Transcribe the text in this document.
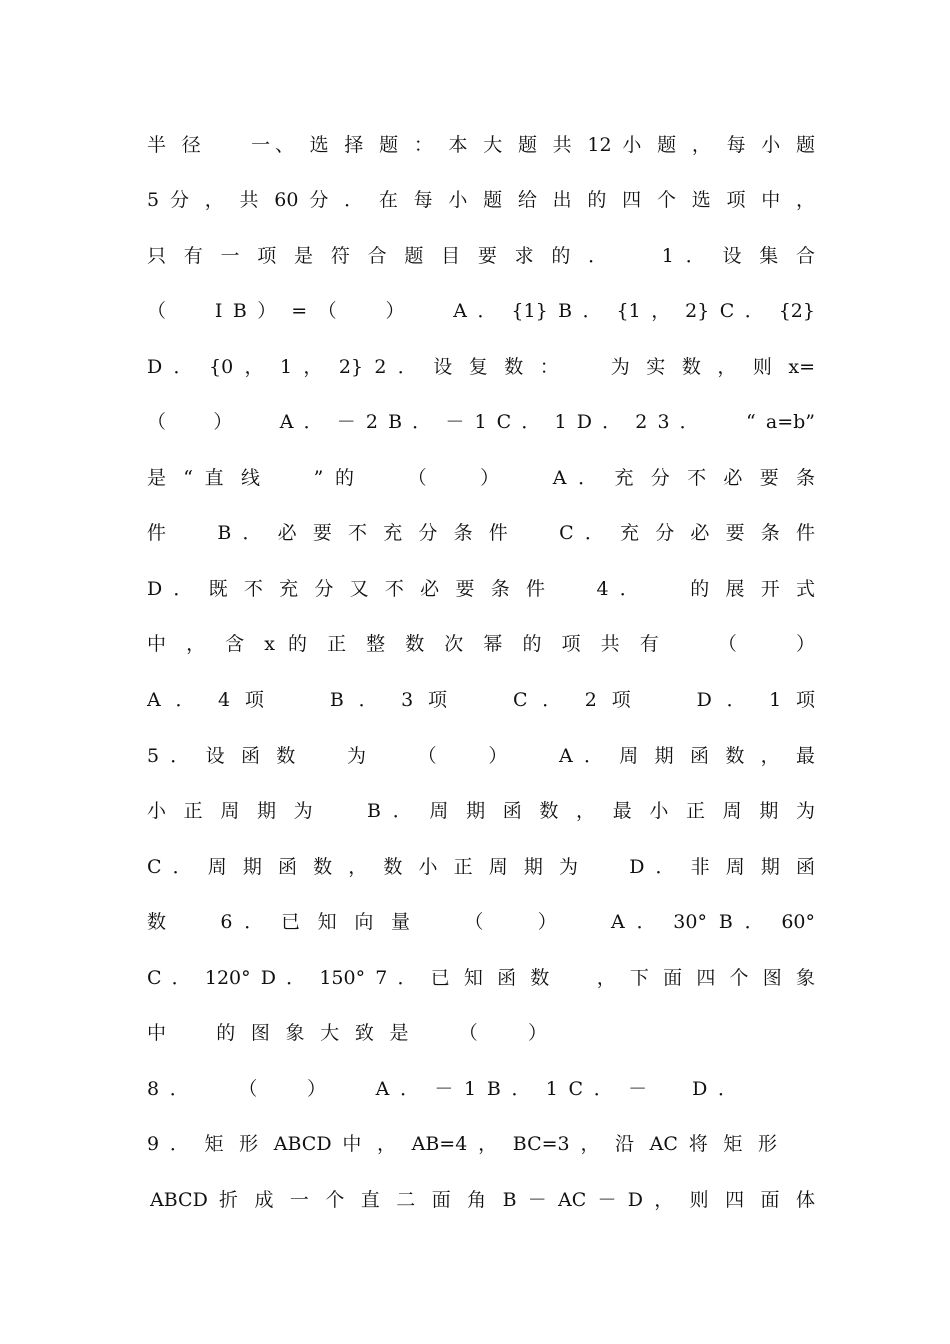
半 径 　 一、 选 择 题 ： 本 大 题 共 12 小 题 ， 每 小 题
5 分 ， 共 60 分 ． 在 每 小 题 给 出 的 四 个 选 项 中 ，
只 有 一 项 是 符 合 题 目 要 求 的 ． 　 1 ． 设 集 合 　
（ 　 I B ） = （ 　 ） 　 A ． {1} B ． {1 ， 2} C ． {2}
D ． {0 ， 1 ， 2} 2 ． 设 复 数 ： 　 为 实 数 ， 则 x=
（ 　 ） 　 A ． － 2 B ． － 1 C ． 1 D ． 2 3 ． 　 “ a=b”
是 “ 直 线 　 ” 的 　 （ 　 ） 　 A ． 充 分 不 必 要 条
件 　 B ． 必 要 不 充 分 条 件 　 C ． 充 分 必 要 条 件
D ． 既 不 充 分 又 不 必 要 条 件 　 4 ． 　 的 展 开 式
中 ， 含 x 的 正 整 数 次 幂 的 项 共 有 　 （ 　 ）
A ． 4 项 　 B ． 3 项 　 C ． 2 项 　 D ． 1 项
5 ． 设 函 数 　 为 　 （ 　 ） 　 A ． 周 期 函 数 ， 最
小 正 周 期 为 　 B ． 周 期 函 数 ， 最 小 正 周 期 为 　
C ． 周 期 函 数 ， 数 小 正 周 期 为 　 D ． 非 周 期 函
数 　 6 ． 已 知 向 量 　 （ 　 ） 　 A ． 30° B ． 60°
C ． 120° D ． 150° 7 ． 已 知 函 数 　 ， 下 面 四 个 图 象
中 　 的 图 象 大 致 是 　 （ 　 ）
8 ． 　 （ 　 ） 　 A ． － 1 B ． 1 C ． － 　 D ．
9 ． 矩 形 ABCD 中 ， AB=4 ， BC=3 ， 沿 AC 将 矩 形
ABCD 折 成 一 个 直 二 面 角 B － AC － D ， 则 四 面 体
